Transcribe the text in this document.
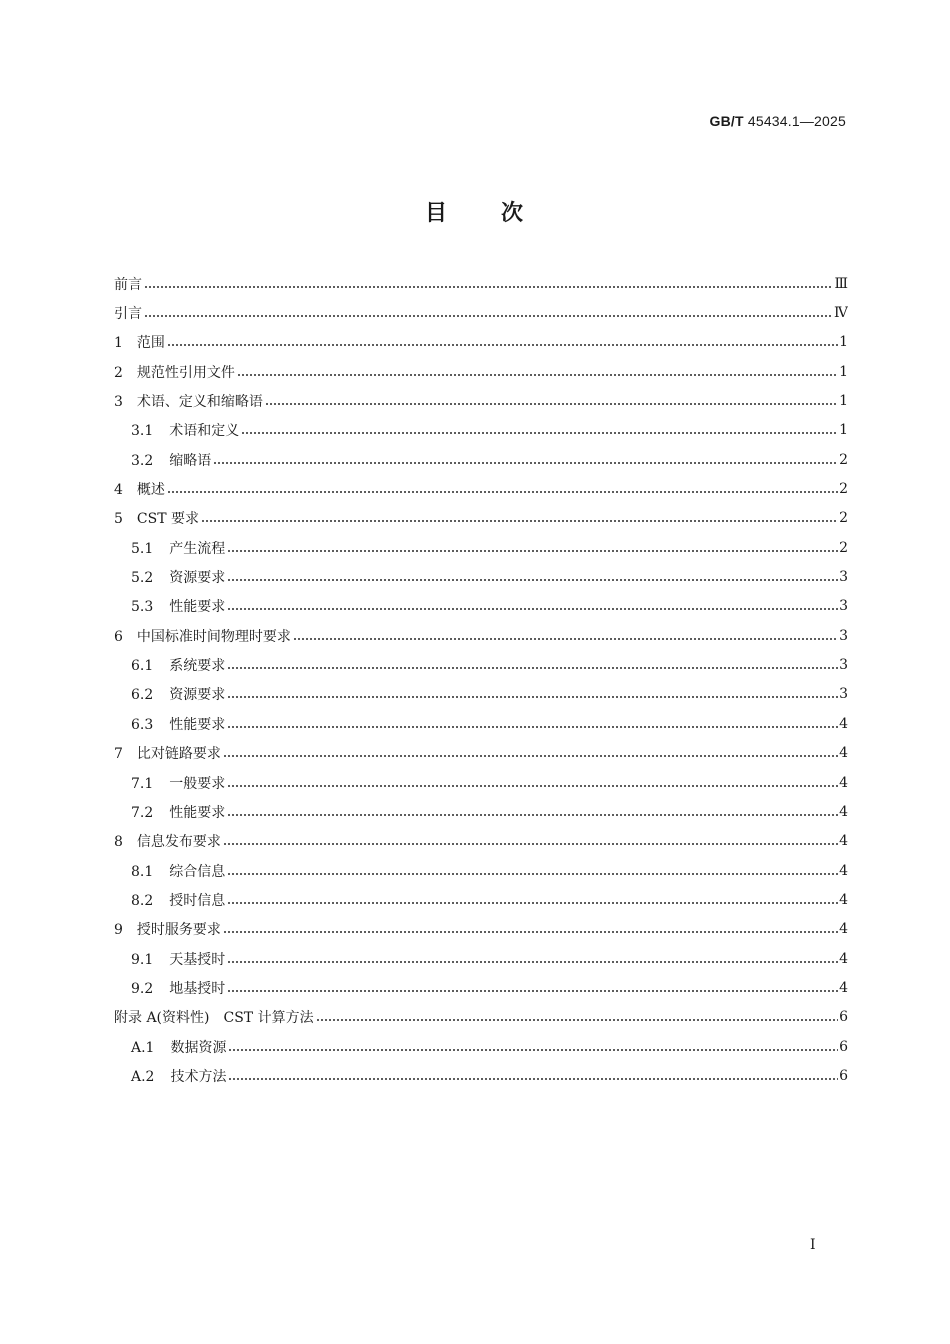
GB/T 45434.1—2025
目 次
前言	Ⅲ
引言	Ⅳ
1 范围	1
2 规范性引用文件	1
3 术语、定义和缩略语	1
3.1 术语和定义	1
3.2 缩略语	2
4 概述	2
5 CST 要求	2
5.1 产生流程	2
5.2 资源要求	3
5.3 性能要求	3
6 中国标准时间物理时要求	3
6.1 系统要求	3
6.2 资源要求	3
6.3 性能要求	4
7 比对链路要求	4
7.1 一般要求	4
7.2 性能要求	4
8 信息发布要求	4
8.1 综合信息	4
8.2 授时信息	4
9 授时服务要求	4
9.1 天基授时	4
9.2 地基授时	4
附录 A(资料性)　CST 计算方法	6
A.1 数据资源	6
A.2 技术方法	6
I
